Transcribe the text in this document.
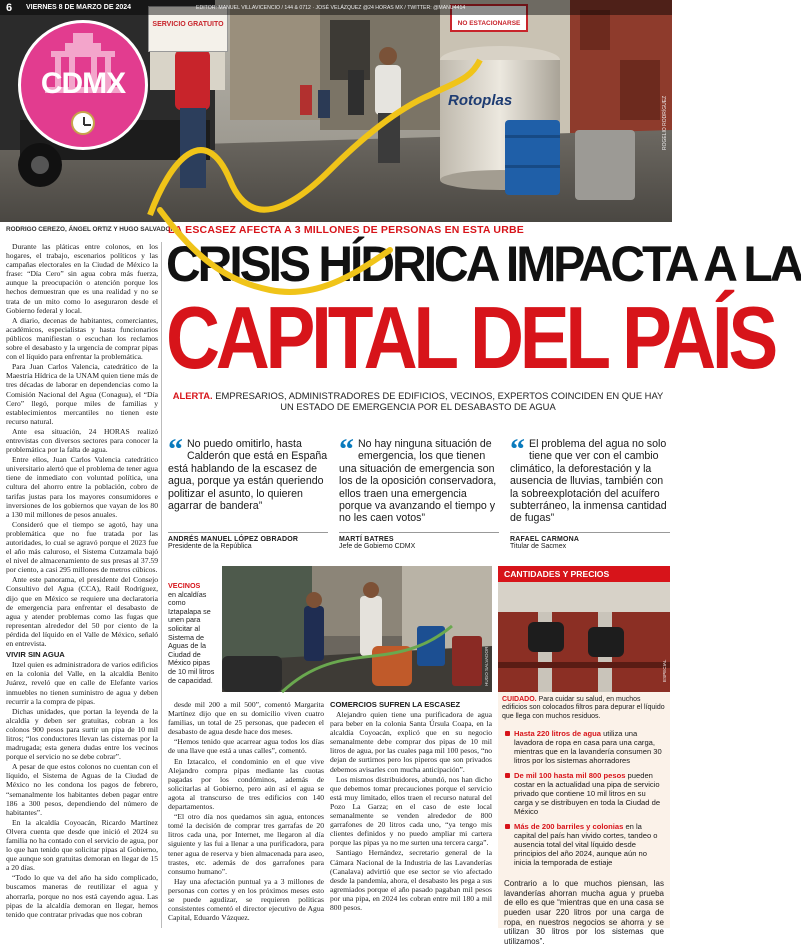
SERVICIO GRATUITO	NO ESTACIONARSE
Rotoplas	ROGELIO RODRÍGUEZ
6 VIERNES 8 DE MARZO DE 2024	EDITOR: MANUEL VILLAVICENCIO / 144 & 0712 · JOSÉ VELÁZQUEZ @24 HORAS MX / TWITTER: @MANU4414
CDMX
RODRIGO CEREZO, ÁNGEL ORTIZ Y HUGO SALVADOR
LA ESCASEZ AFECTA A 3 MILLONES DE PERSONAS EN ESTA URBE
CRISIS HÍDRICA IMPACTA A LA
CAPITAL DEL PAÍS
ALERTA. EMPRESARIOS, ADMINISTRADORES DE EDIFICIOS, VECINOS, EXPERTOS COINCIDEN EN QUE HAY UN ESTADO DE EMERGENCIA POR EL DESABASTO DE AGUA

Durante las pláticas entre colonos, en los hogares, el trabajo, escenarios políticos y las campañas electorales en la Ciudad de México la frase: “Día Cero” sin agua cobra más fuerza, aunque la preocupación o atención porque los hechos demuestran que es una realidad y no se trata de un mito como lo aseguraron desde el Gobierno federal y local.

A diario, decenas de habitantes, comerciantes, académicos, especialistas y hasta funcionarios públicos manifiestan o escuchan los reclamos sobre el desabasto y la urgencia de comprar pipas con el líquido para enfrentar la problemática.

Para Juan Carlos Valencia, catedrático de la Maestría Hídrica de la UNAM quien tiene más de tres décadas de laborar en dependencias como la Comisión Nacional del Agua (Conagua), el “Día Cero” llegó, porque miles de familias y establecimientos mercantiles no tienen este recurso natural.

Ante esa situación, 24 HORAS realizó entrevistas con diversos sectores para conocer la problemática por la falta de agua.

Entre ellos, Juan Carlos Valencia catedrático universitario alertó que el problema de tener agua tiene de inmediato con voluntad política, una cultura del ahorro entre la población, cobro de tarifas justas para los mayores consumidores e inversiones de los gobiernos que vayan de los 80 a 130 mil millones de pesos anuales.

Consideró que el tiempo se agotó, hay una problemática que no fue tratada por las autoridades, lo cual se agravó porque el 2023 fue el año más caluroso, el Sistema Cutzamala bajó el nivel de almacenamiento de sus presas al 37.59 por ciento, a casi 295 millones de metros cúbicos.

Ante este panorama, el presidente del Consejo Consultivo del Agua (CCA), Raúl Rodríguez, dijo que en México se requiere una declaratoria de emergencia para enfrentar el desabasto de agua y atender problemas como las fugas que representan alrededor del 50 por ciento de la pérdida del líquido en el Valle de México, señaló en entrevista.

VIVIR SIN AGUA

Itzel quien es administradora de varios edificios en la colonia del Valle, en la alcaldía Benito Juárez, reveló que en calle de Elefante varios inmuebles no tienen suministro de agua y deben recurrir a la compra de pipas.

Dichas unidades, que portan la leyenda de la alcaldía y deben ser gratuitas, cobran a los colonos 900 pesos para surtir un pipa de 10 mil litros; “los conductores llevan las cisternas por la madrugada; esta genera dudas entre los vecinos porque el servicio no se debe cobrar”.

A pesar de que estos colonos no cuentan con el líquido, el Sistema de Aguas de la Ciudad de México no les condona los pagos de febrero, “semanalmente los habitantes deben pagar entre 186 a 300 pesos, dependiendo del número de habitantes”.

En la alcaldía Coyoacán, Ricardo Martínez Olvera cuenta que desde que inició el 2024 su familia no ha contado con el servicio de agua, por lo que han tenido que solicitar pipas al Gobierno, que aunque son gratuitas demoran en llegar de 15 a 20 días.

“Todo lo que va del año ha sido complicado, buscamos maneras de reutilizar el agua y ahorrarla, porque no nos está cayendo agua. Las pipas de la alcaldía demoran en llegar, hemos tenido que contratar privadas que nos cobran

“ No puedo omitirlo, hasta Calderón que está en España está hablando de la escasez de agua, porque ya están queriendo politizar el asunto, lo quieren agarrar de bandera”
ANDRÉS MANUEL LÓPEZ OBRADOR
Presidente de la República
“ No hay ninguna situación de emergencia, los que tienen una situación de emergencia son los de la oposición conservadora, ellos traen una emergencia porque va avanzando el tiempo y no les caen votos”
MARTÍ BATRES
Jefe de Gobierno CDMX
“ El problema del agua no solo tiene que ver con el cambio climático, la deforestación y la ausencia de lluvias, también con la sobreexplotación del acuífero subterráneo, la inmensa cantidad de fugas”
RAFAEL CARMONA
Titular de Sacmex
HUGO SALVADOR
VECINOS
en alcaldías como Iztapalapa se unen para solicitar al Sistema de Aguas de la Ciudad de México pipas de 10 mil litros de capacidad.

desde mil 200 a mil 500”, comentó Margarita Martínez dijo que en su domicilio viven cuatro familias, un total de 25 personas, que padecen el desabasto de agua desde hace dos meses.

“Hemos tenido que acarrear agua todos los días de una llave que está a unas calles”, comentó.

En Iztacalco, el condominio en el que vive Alejandro compra pipas mediante las cuotas pagadas por los condóminos, además de solicitarlas al Gobierno, pero aún así el agua se agota al transcurso de tres edificios con 140 departamentos.

“El otro día nos quedamos sin agua, entonces tomé la decisión de comprar tres garrafas de 20 litros cada una, por Internet, me llegaron al día siguiente y las fui a llenar a una purificadora, para tener agua de reserva y bien almacenada para aseo, trastes, etc. además de dos garrafones para consumo humano”.

Hay una afectación puntual ya a 3 millones de personas con cortes y en los próximos meses esto se puede agudizar, se requieren políticas consistentes comentó el director ejecutivo de Agua Capital, Eduardo Vázquez.

COMERCIOS SUFREN LA ESCASEZ

Alejandro quien tiene una purificadora de agua para beber en la colonia Santa Úrsula Coapa, en la alcaldía Coyoacán, explicó que en su negocio semanalmente debe comprar dos pipas de 10 mil litros de agua, por las cuales paga mil 100 pesos, “no dejan de surtirnos pero los piperos que son privados debemos avisarles con mucha anticipación”.

Los mismos distribuidores, abundó, nos han dicho que debemos tomar precauciones porque el servicio está muy limitado, ellos traen el recurso natural del Pozo La Garza; en el caso de este local semanalmente se venden alrededor de 800 garrafones de 20 litros cada uno, “ya tengo mis clientes definidos y no puedo ampliar mi cartera porque las pipas ya no me surten una tercera carga”.

Santiago Hernández, secretario general de la Cámara Nacional de la Industria de las Lavanderías (Canalava) advirtió que ese sector se vio afectado desde la pandemia, ahora, el desabasto les pega a sus agremiados porque el año pasado pagaban mil pesos por una pipa, en 2024 les cobran entre mil 180 a mil 800 pesos.

CANTIDADES Y PRECIOS
ESPECIAL
CUIDADO. Para cuidar su salud, en muchos edificios son colocados filtros para depurar el líquido que llega con muchos residuos.
Hasta 220 litros de agua utiliza una lavadora de ropa en casa para una carga, mientras que en la lavandería consumen 30 litros por los sistemas ahorradores
De mil 100 hasta mil 800 pesos pueden costar en la actualidad una pipa de servicio privado que contiene 10 mil litros en su carga y se distribuyen en toda la Ciudad de México
Más de 200 barriles y colonias en la capital del país han vivido cortes, tandeo o ausencia total del vital líquido desde principios del año 2024, aunque aún no inicia la temporada de estiaje
Contrario a lo que muchos piensan, las lavanderías ahorran mucha agua y prueba de ello es que “mientras que en una casa se pueden usar 220 litros por una carga de ropa, en nuestros negocios se ahorra y se utilizan 30 litros por los sistemas que utilizamos”.
